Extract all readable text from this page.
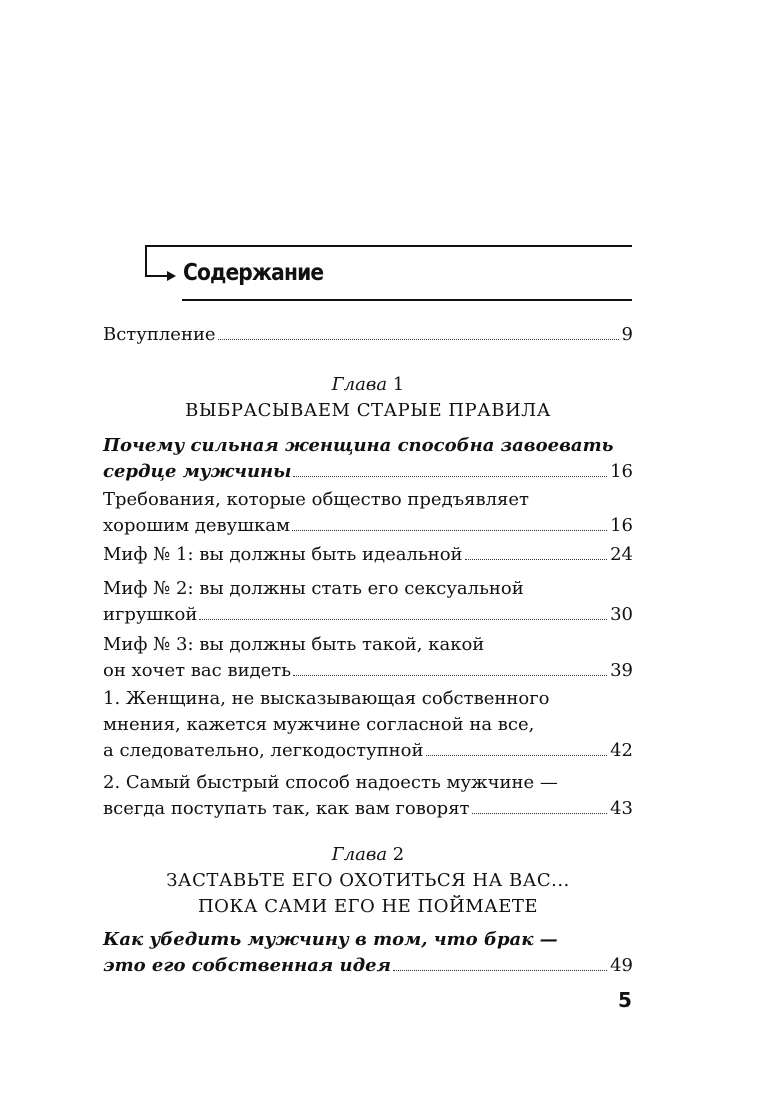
Содержание
Вступление	9
Глава 1
ВЫБРАСЫВАЕМ СТАРЫЕ ПРАВИЛА
Почему сильная женщина способна завоевать
сердце мужчины	16
Требования, которые общество предъявляет
хорошим девушкам	16
Миф № 1: вы должны быть идеальной	24
Миф № 2: вы должны стать его сексуальной
игрушкой	30
Миф № 3: вы должны быть такой, какой
он хочет вас видеть	39
1. Женщина, не высказывающая собственного
мнения, кажется мужчине согласной на все,
а следовательно, легкодоступной	42
2. Самый быстрый способ надоесть мужчине —
всегда поступать так, как вам говорят	43
Глава 2
ЗАСТАВЬТЕ ЕГО ОХОТИТЬСЯ НА ВАС...
ПОКА САМИ ЕГО НЕ ПОЙМАЕТЕ
Как убедить мужчину в том, что брак —
это его собственная идея	49
5
